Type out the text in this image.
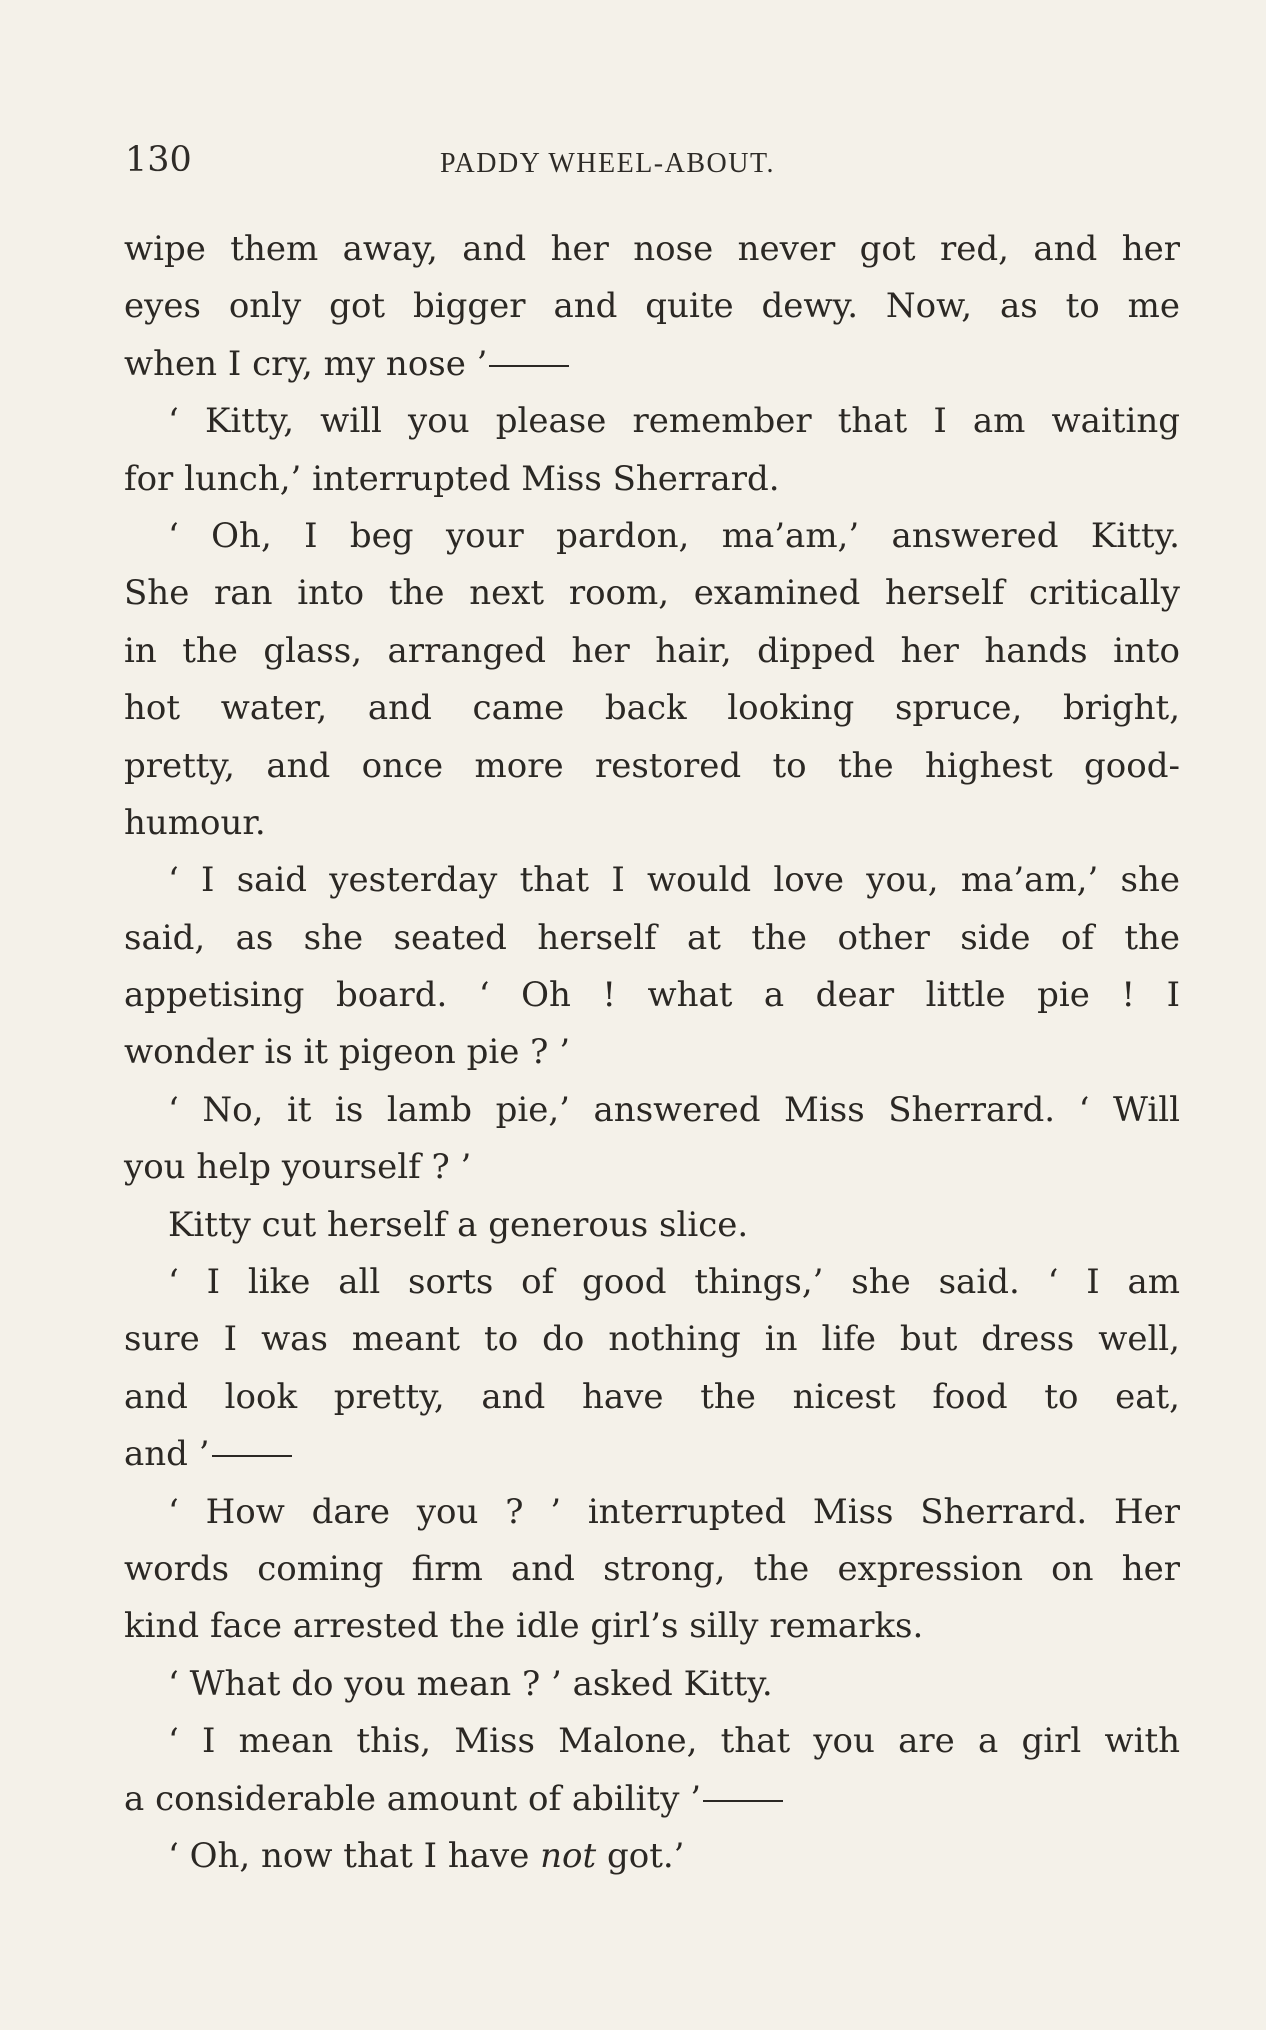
130	PADDY WHEEL-ABOUT.
wipe them away, and her nose never got red, and her
eyes only got bigger and quite dewy. Now, as to me
when I cry, my nose ’
‘ Kitty, will you please remember that I am waiting
for lunch,’ interrupted Miss Sherrard.
‘ Oh, I beg your pardon, ma’am,’ answered Kitty.
She ran into the next room, examined herself critically
in the glass, arranged her hair, dipped her hands into
hot water, and came back looking spruce, bright,
pretty, and once more restored to the highest good-
humour.
‘ I said yesterday that I would love you, ma’am,’ she
said, as she seated herself at the other side of the
appetising board. ‘ Oh ! what a dear little pie ! I
wonder is it pigeon pie ? ’
‘ No, it is lamb pie,’ answered Miss Sherrard. ‘ Will
you help yourself ? ’
Kitty cut herself a generous slice.
‘ I like all sorts of good things,’ she said. ‘ I am
sure I was meant to do nothing in life but dress well,
and look pretty, and have the nicest food to eat,
and ’
‘ How dare you ? ’ interrupted Miss Sherrard. Her
words coming firm and strong, the expression on her
kind face arrested the idle girl’s silly remarks.
‘ What do you mean ? ’ asked Kitty.
‘ I mean this, Miss Malone, that you are a girl with
a considerable amount of ability ’
‘ Oh, now that I have not got.’
